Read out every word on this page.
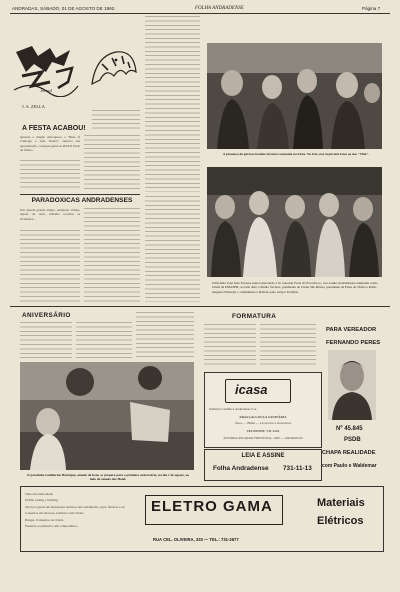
ANDRADAS, SÁBADO, 01 DE AGOSTO DE 1992.	FOLHA ANDRADENSE	Página 7
Jornal
J. A. ZELLA
A FESTA ACABOU!
Quando o dragão enfraquece, a "Beat of Camargo e Luiz Nunes", anuncia sua apresentação, carregou gente no BAYO Festa de Verão...
PARADOXICAS ANDRADENSES
Um grande grande amigo, Armando Valdes, depois de tanto trabalho recebeu os Ocidentes...
A presença de garotas bonitas foi uma constante na Festa. Na foto, nas Sayuratte fotos ao dos "Thia".
O Prefeito José Luiz Tavares esteve marcando a Sr. Geraldo Frota do Forcatta sr., nos aonde recebimentos Andradas como Chefe da EMATER, ao lado dele, Cláudio Tavares, presidente do Clube São Bruno, presidente da Festa do Vinho e Paulo Augusto Dirsarjal o candidatura a Prefeito pelo Grupo Tradição.
ANIVERSÁRIO
O garotinho Guilherme Henrique, amado de bom, se prepara para o primeiro aniversário, no dia 1 de agosto, ao lado de amada dos Hotel.
FORMATURA
icasa
Indústria Cerâmica Andradense S.A.
Fábrica de LOUÇA SANITÁRIA
Vasos — Bidês — Lavatórios e Acessórios
TELEFONE: 731-1322
AVENIDA RICARDO FRENTOCK, 1460 — ANDRADAS
LEIA E ASSINE
Folha Andradense 731-11-13
PARA VEREADOR
FERNANDO PERES
Nº 45.845
PSDB
CHAPA REALIDADE
com Paulo e Waldemar
Tudo em eletricidade
Padrão Cemig e Telemig
Serviços gerais em instalações elétricas em: residências, lojas, fábricas e etc
Consertos em motores, bombas e Zés Tirado
Bruges, lá mesmos da cidade
Fazemos orçamentos sem compromisso
ELETRO GAMA
RUA CEL. OLIVEIRA, 333 — TEL.: 731-2677
Materiais
Elétricos
